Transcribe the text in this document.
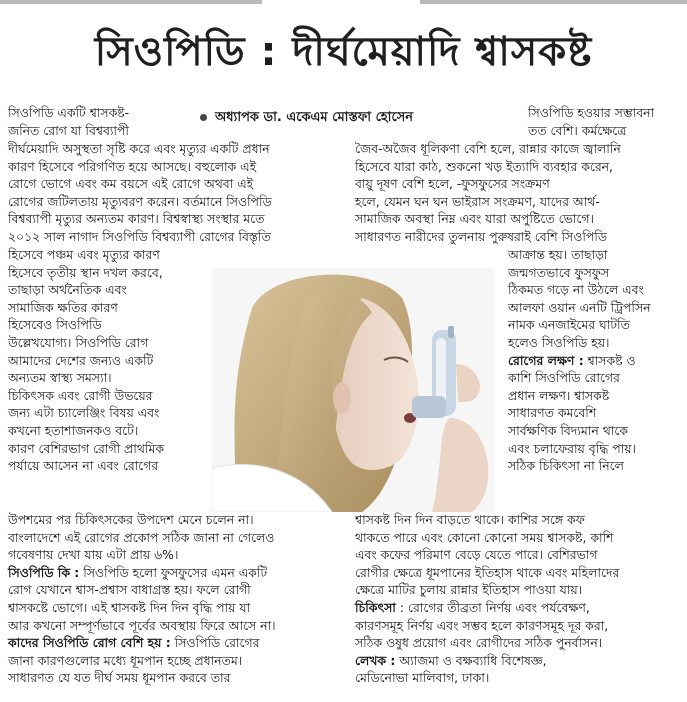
সিওপিডি : দীর্ঘমেয়াদি শ্বাসকষ্ট
অধ্যাপক ডা. একেএম মোস্তফা হোসেন

সিওপিডি একটি শ্বাসকষ্ট-

জনিত রোগ যা বিশ্বব্যাপী

সিওপিডি হওয়ার সম্ভাবনা

তত বেশি। কর্মক্ষেত্রে

দীর্ঘমেয়াদি অসুস্থতা সৃষ্টি করে এবং মৃত্যুর একটি প্রধান

কারণ হিসেবে পরিগণিত হয়ে আসছে। বহুলোক এই

রোগে ভোগে এবং কম বয়সে এই রোগে অথবা এই

রোগের জটিলতায় মৃত্যুবরণ করেন। বর্তমানে সিওপিডি

বিশ্বব্যাপী মৃত্যুর অন্যতম কারণ। বিশ্বস্বাস্থ্য সংস্থার মতে

২০১২ সাল নাগাদ সিওপিডি বিশ্বব্যাপী রোগের বিস্তৃতি

হিসেবে পঞ্চম এবং মৃত্যুর কারণ

হিসেবে তৃতীয় স্থান দখল করবে,

তাছাড়া অর্থনৈতিক এবং

সামাজিক ক্ষতির কারণ

হিসেবেও সিওপিডি

উল্লেখযোগ্য। সিওপিডি রোগ

আমাদের দেশের জন্যও একটি

অন্যতম স্বাস্থ্য সমস্যা।

চিকিৎসক এবং রোগী উভয়ের

জন্য এটা চ্যালেঞ্জিং বিষয় এবং

কখনো হতাশাজনকও বটে।

কারণ বেশিরভাগ রোগী প্রাথমিক

পর্যায়ে আসেন না এবং রোগের

উপশমের পর চিকিৎসকের উপদেশ মেনে চলেন না।

বাংলাদেশে এই রোগের প্রকোপ সঠিক জানা না গেলেও

গবেষণায় দেখা যায় এটা প্রায় ৬%।

সিওপিডি কি : সিওপিডি হলো ফুসফুসের এমন একটি

রোগ যেখানে শ্বাস-প্রশ্বাস বাধাগ্রস্ত হয়। ফলে রোগী

শ্বাসকষ্টে ভোগে। এই শ্বাসকষ্ট দিন দিন বৃদ্ধি পায় যা

আর কখনো সম্পূর্ণভাবে পূর্বের অবস্থায় ফিরে আসে না।

কাদের সিওপিডি রোগ বেশি হয় : সিওপিডি রোগের

জানা কারণগুলোর মধ্যে ধূমপান হচ্ছে প্রধানতম।

সাধারণত যে যত দীর্ঘ সময় ধূমপান করবে তার

জৈব-অজৈব ধূলিকণা বেশি হলে, রান্নার কাজে জ্বালানি

হিসেবে যারা কাঠ, শুকনো খড় ইত্যাদি ব্যবহার করেন,

বায়ু দূষণ বেশি হলে, -ফুসফুসের সংক্রমণ

হলে, যেমন ঘন ঘন ভাইরাস সংক্রমণ, যাদের আর্থ-

সামাজিক অবস্থা নিম্ন এবং যারা অপুষ্টিতে ভোগে।

সাধারণত নারীদের তুলনায় পুরুষরাই বেশি সিওপিডি

আক্রান্ত হয়। তাছাড়া

জন্মগতভাবে ফুসফুস

ঠিকমত গড়ে না উঠলে এবং

আলফা ওয়ান এনটি ট্রিপসিন

নামক এনজাইমের ঘাটতি

হলেও সিওপিডি হয়।

রোগের লক্ষণ : শ্বাসকষ্ট ও

কাশি সিওপিডি রোগের

প্রধান লক্ষণ। শ্বাসকষ্ট

সাধারণত কমবেশি

সার্বক্ষণিক বিদ্যমান থাকে

এবং চলাফেরায় বৃদ্ধি পায়।

সঠিক চিকিৎসা না নিলে

শ্বাসকষ্ট দিন দিন বাড়তে থাকে। কাশির সঙ্গে কফ

থাকতে পারে এবং কোনো কোনো সময় শ্বাসকষ্ট, কাশি

এবং কফের পরিমাণ বেড়ে যেতে পারে। বেশিরভাগ

রোগীর ক্ষেত্রে ধূমপানের ইতিহাস থাকে এবং মহিলাদের

ক্ষেত্রে মাটির চুলায় রান্নার ইতিহাস পাওয়া যায়।

চিকিৎসা : রোগের তীব্রতা নির্ণয় এবং পর্যবেক্ষণ,

কারণসমূহ নির্ণয় এবং সম্ভব হলে কারণসমূহ দূর করা,

সঠিক ওষুধ প্রয়োগ এবং রোগীদের সঠিক পুনর্বাসন।

লেখক : অ্যাজমা ও বক্ষব্যাধি বিশেষজ্ঞ,

মেডিনোভা মালিবাগ, ঢাকা।
